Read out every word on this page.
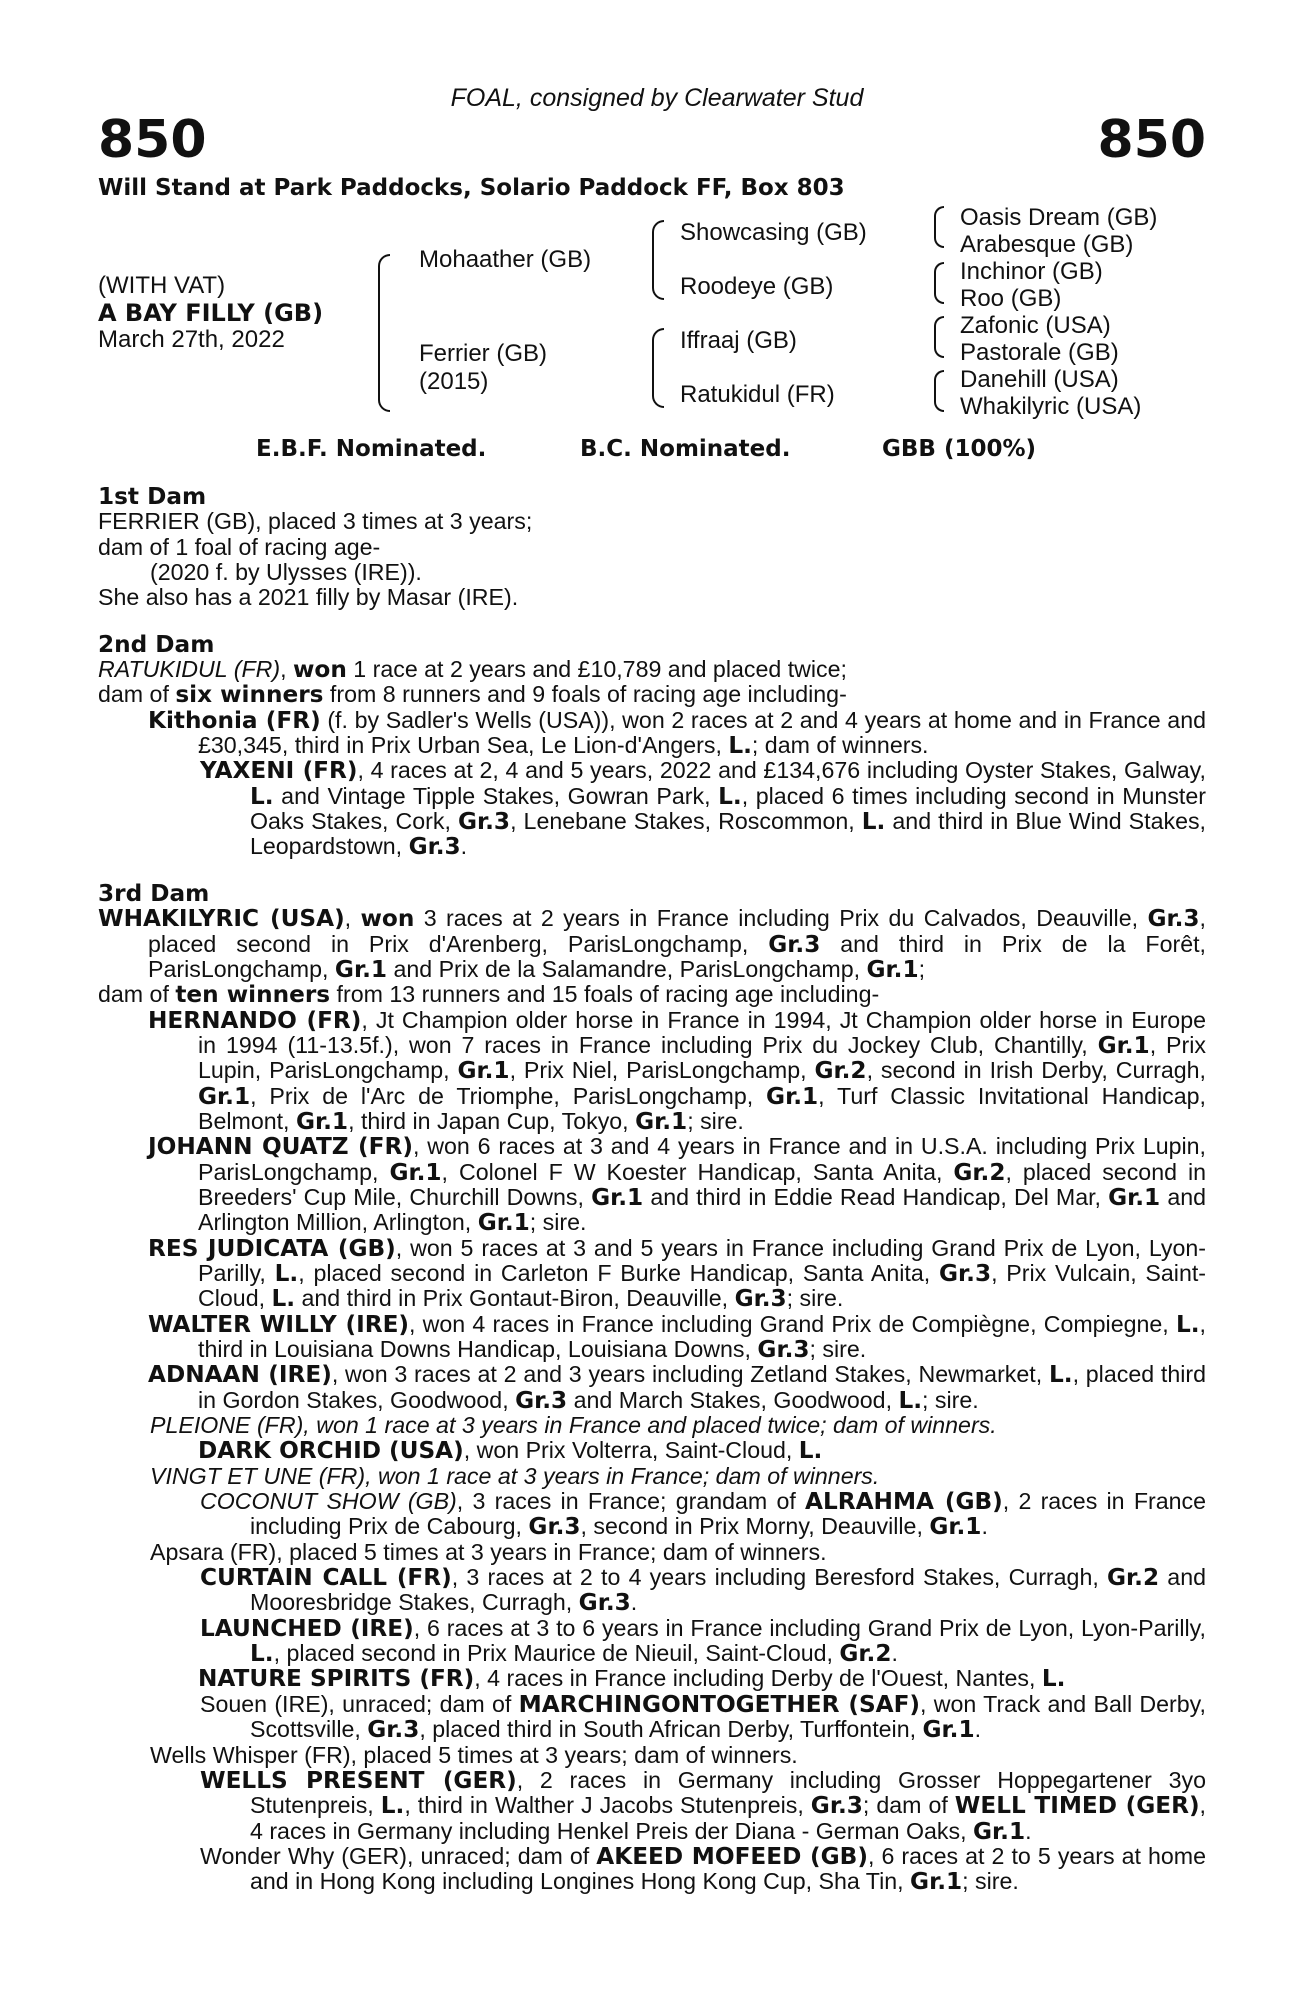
FOAL, consigned by Clearwater Stud
850	850
Will Stand at Park Paddocks, Solario Paddock FF, Box 803
(WITH VAT)
A BAY FILLY (GB)
March 27th, 2022
Mohaather (GB)
Ferrier (GB)
(2015)
Showcasing (GB)
Roodeye (GB)
Iffraaj (GB)
Ratukidul (FR)
Oasis Dream (GB)
Arabesque (GB)
Inchinor (GB)
Roo (GB)
Zafonic (USA)
Pastorale (GB)
Danehill (USA)
Whakilyric (USA)
E.B.F. Nominated.	B.C. Nominated.	GBB (100%)

1st Dam

FERRIER (GB), placed 3 times at 3 years;

dam of 1 foal of racing age-

(2020 f. by Ulysses (IRE)).

She also has a 2021 filly by Masar (IRE).

2nd Dam

RATUKIDUL (FR), won 1 race at 2 years and £10,789 and placed twice;

dam of six winners from 8 runners and 9 foals of racing age including-

Kithonia (FR) (f. by Sadler's Wells (USA)), won 2 races at 2 and 4 years at home and in France and £30,345, third in Prix Urban Sea, Le Lion-d'Angers, L.; dam of winners.

YAXENI (FR), 4 races at 2, 4 and 5 years, 2022 and £134,676 including Oyster Stakes, Galway, L. and Vintage Tipple Stakes, Gowran Park, L., placed 6 times including second in Munster Oaks Stakes, Cork, Gr.3, Lenebane Stakes, Roscommon, L. and third in Blue Wind Stakes, Leopardstown, Gr.3.

3rd Dam

WHAKILYRIC (USA), won 3 races at 2 years in France including Prix du Calvados, Deauville, Gr.3, placed second in Prix d'Arenberg, ParisLongchamp, Gr.3 and third in Prix de la Forêt, ParisLongchamp, Gr.1 and Prix de la Salamandre, ParisLongchamp, Gr.1;

dam of ten winners from 13 runners and 15 foals of racing age including-

HERNANDO (FR), Jt Champion older horse in France in 1994, Jt Champion older horse in Europe in 1994 (11-13.5f.), won 7 races in France including Prix du Jockey Club, Chantilly, Gr.1, Prix Lupin, ParisLongchamp, Gr.1, Prix Niel, ParisLongchamp, Gr.2, second in Irish Derby, Curragh, Gr.1, Prix de l'Arc de Triomphe, ParisLongchamp, Gr.1, Turf Classic Invitational Handicap, Belmont, Gr.1, third in Japan Cup, Tokyo, Gr.1; sire.

JOHANN QUATZ (FR), won 6 races at 3 and 4 years in France and in U.S.A. including Prix Lupin, ParisLongchamp, Gr.1, Colonel F W Koester Handicap, Santa Anita, Gr.2, placed second in Breeders' Cup Mile, Churchill Downs, Gr.1 and third in Eddie Read Handicap, Del Mar, Gr.1 and Arlington Million, Arlington, Gr.1; sire.

RES JUDICATA (GB), won 5 races at 3 and 5 years in France including Grand Prix de Lyon, Lyon-Parilly, L., placed second in Carleton F Burke Handicap, Santa Anita, Gr.3, Prix Vulcain, Saint-Cloud, L. and third in Prix Gontaut-Biron, Deauville, Gr.3; sire.

WALTER WILLY (IRE), won 4 races in France including Grand Prix de Compiègne, Compiegne, L., third in Louisiana Downs Handicap, Louisiana Downs, Gr.3; sire.

ADNAAN (IRE), won 3 races at 2 and 3 years including Zetland Stakes, Newmarket, L., placed third in Gordon Stakes, Goodwood, Gr.3 and March Stakes, Goodwood, L.; sire.

PLEIONE (FR), won 1 race at 3 years in France and placed twice; dam of winners.

DARK ORCHID (USA), won Prix Volterra, Saint-Cloud, L.

VINGT ET UNE (FR), won 1 race at 3 years in France; dam of winners.

COCONUT SHOW (GB), 3 races in France; grandam of ALRAHMA (GB), 2 races in France including Prix de Cabourg, Gr.3, second in Prix Morny, Deauville, Gr.1.

Apsara (FR), placed 5 times at 3 years in France; dam of winners.

CURTAIN CALL (FR), 3 races at 2 to 4 years including Beresford Stakes, Curragh, Gr.2 and Mooresbridge Stakes, Curragh, Gr.3.

LAUNCHED (IRE), 6 races at 3 to 6 years in France including Grand Prix de Lyon, Lyon-Parilly, L., placed second in Prix Maurice de Nieuil, Saint-Cloud, Gr.2.

NATURE SPIRITS (FR), 4 races in France including Derby de l'Ouest, Nantes, L.

Souen (IRE), unraced; dam of MARCHINGONTOGETHER (SAF), won Track and Ball Derby, Scottsville, Gr.3, placed third in South African Derby, Turffontein, Gr.1.

Wells Whisper (FR), placed 5 times at 3 years; dam of winners.

WELLS PRESENT (GER), 2 races in Germany including Grosser Hoppegartener 3yo Stutenpreis, L., third in Walther J Jacobs Stutenpreis, Gr.3; dam of WELL TIMED (GER), 4 races in Germany including Henkel Preis der Diana - German Oaks, Gr.1.

Wonder Why (GER), unraced; dam of AKEED MOFEED (GB), 6 races at 2 to 5 years at home and in Hong Kong including Longines Hong Kong Cup, Sha Tin, Gr.1; sire.
